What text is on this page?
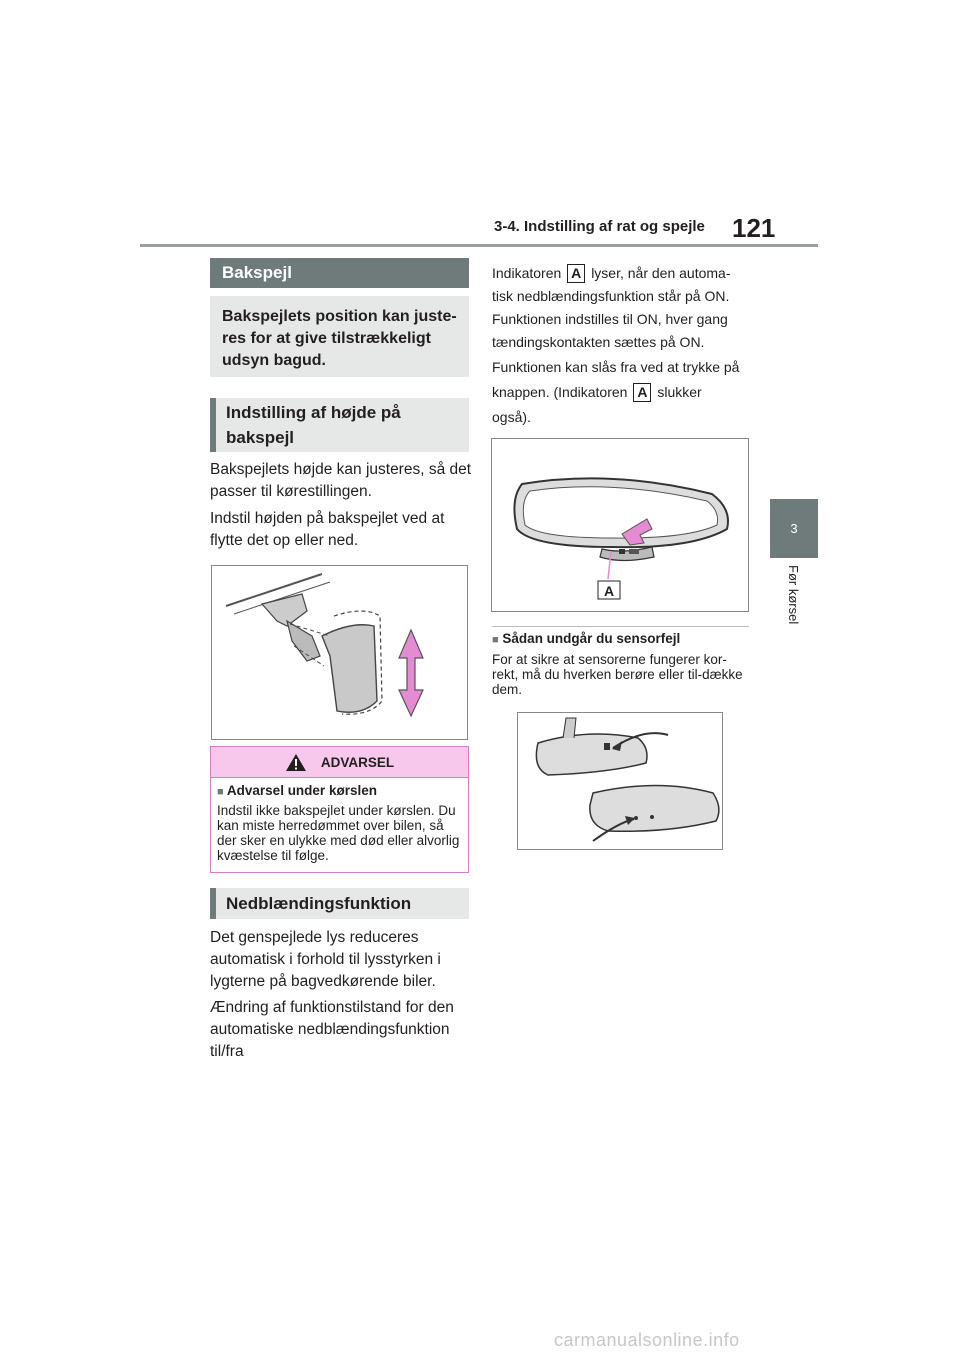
3-4. Indstilling af rat og spejle 121
3
Før kørsel
Bakspejl
Bakspejlets position kan juste-res for at give tilstrækkeligt udsyn bagud.
Indstilling af højde på bakspejl
Bakspejlets højde kan justeres, så det passer til kørestillingen.
Indstil højden på bakspejlet ved at flytte det op eller ned.
ADVARSEL
■ Advarsel under kørslen
Indstil ikke bakspejlet under kørslen. Du kan miste herredømmet over bilen, så der sker en ulykke med død eller alvorlig kvæstelse til følge.
Nedblændingsfunktion
Det genspejlede lys reduceres automatisk i forhold til lysstyrken i lygterne på bagvedkørende biler.
Ændring af funktionstilstand for den automatiske nedblændingsfunktion til/fra
Indikatoren A lyser, når den automa-
tisk nedblændingsfunktion står på ON.
Funktionen indstilles til ON, hver gang
tændingskontakten sættes på ON.
Funktionen kan slås fra ved at trykke på
knappen. (Indikatoren A slukker
også).
A
■ Sådan undgår du sensorfejl
For at sikre at sensorerne fungerer kor-rekt, må du hverken berøre eller til-dække dem.
carmanualsonline.info
